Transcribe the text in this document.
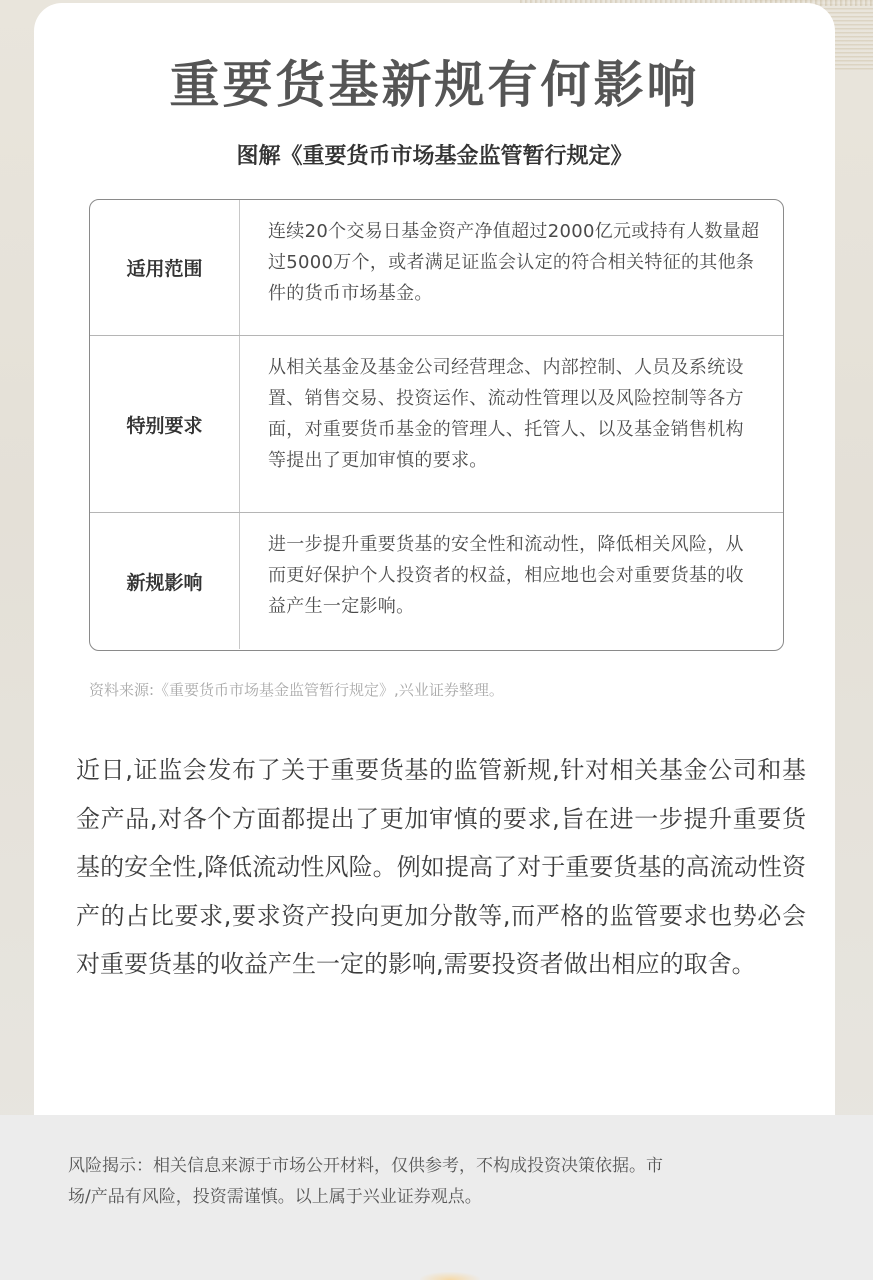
重要货基新规有何影响
图解《重要货币市场基金监管暂行规定》
适用范围
连续20个交易日基金资产净值超过2000亿元或持有人数量超过5000万个，或者满足证监会认定的符合相关特征的其他条件的货币市场基金。
特别要求
从相关基金及基金公司经营理念、内部控制、人员及系统设置、销售交易、投资运作、流动性管理以及风险控制等各方面，对重要货币基金的管理人、托管人、以及基金销售机构等提出了更加审慎的要求。
新规影响
进一步提升重要货基的安全性和流动性，降低相关风险，从而更好保护个人投资者的权益，相应地也会对重要货基的收益产生一定影响。

资料来源:《重要货币市场基金监管暂行规定》,兴业证券整理。

近日,证监会发布了关于重要货基的监管新规,针对相关基金公司和基金产品,对各个方面都提出了更加审慎的要求,旨在进一步提升重要货基的安全性,降低流动性风险。例如提高了对于重要货基的高流动性资产的占比要求,要求资产投向更加分散等,而严格的监管要求也势必会对重要货基的收益产生一定的影响,需要投资者做出相应的取舍。

风险揭示：相关信息来源于市场公开材料，仅供参考，不构成投资决策依据。市场/产品有风险，投资需谨慎。以上属于兴业证券观点。
